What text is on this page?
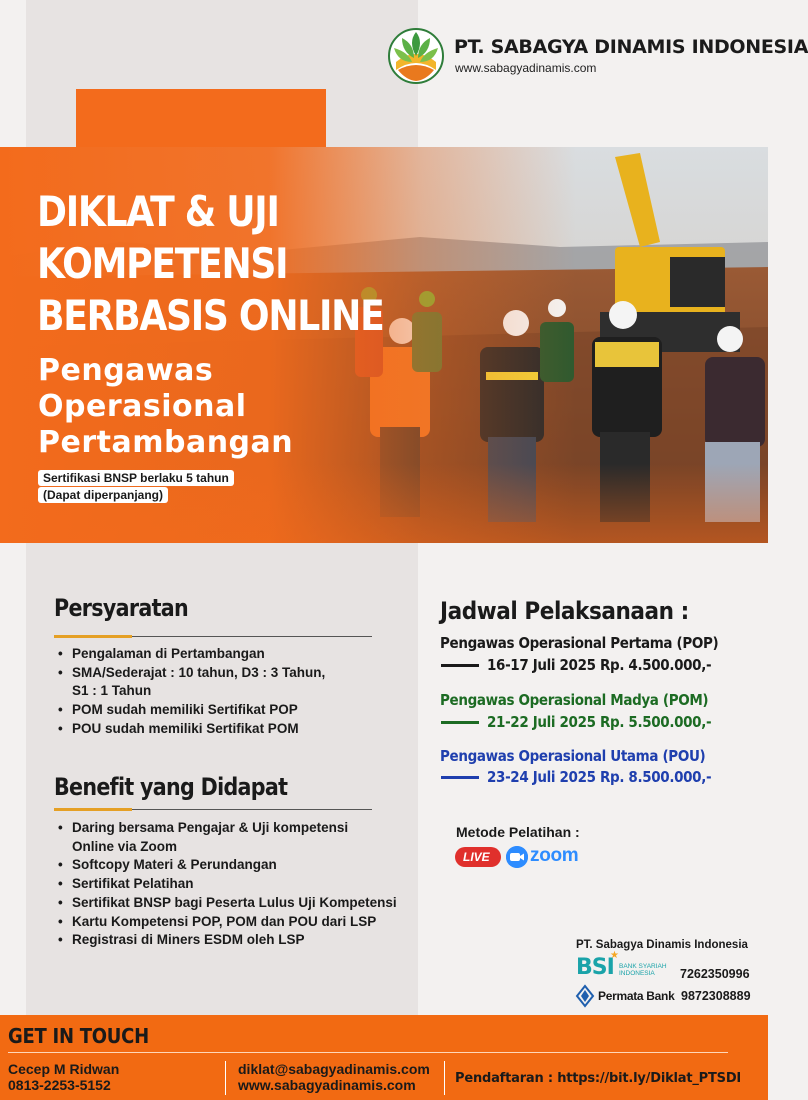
PT. SABAGYA DINAMIS INDONESIA
www.sabagyadinamis.com
DIKLAT & UJI
KOMPETENSI
BERBASIS ONLINE
Pengawas
Operasional
Pertambangan
Sertifikasi BNSP berlaku 5 tahun
(Dapat diperpanjang)
Persyaratan
• Pengalaman di Pertambangan
• SMA/Sederajat : 10 tahun, D3 : 3 Tahun,
S1 : 1 Tahun
• POM sudah memiliki Sertifikat POP
• POU sudah memiliki Sertifikat POM
Benefit yang Didapat
• Daring bersama Pengajar & Uji kompetensi
Online via Zoom
• Softcopy Materi & Perundangan
• Sertifikat Pelatihan
• Sertifikat BNSP bagi Peserta Lulus Uji Kompetensi
• Kartu Kompetensi POP, POM dan POU dari LSP
• Registrasi di Miners ESDM oleh LSP
Jadwal Pelaksanaan :
Pengawas Operasional Pertama (POP)
16-17 Juli 2025 Rp. 4.500.000,-
Pengawas Operasional Madya (POM)
21-22 Juli 2025 Rp. 5.500.000,-
Pengawas Operasional Utama (POU)
23-24 Juli 2025 Rp. 8.500.000,-
Metode Pelatihan :
LIVE	zoom
PT. Sabagya Dinamis Indonesia
BSI
★
BANK SYARIAH
INDONESIA	7262350996
Permata Bank 9872308889
GET IN TOUCH
Cecep M Ridwan
0813-2253-5152
diklat@sabagyadinamis.com
www.sabagyadinamis.com	Pendaftaran : https://bit.ly/Diklat_PTSDI
